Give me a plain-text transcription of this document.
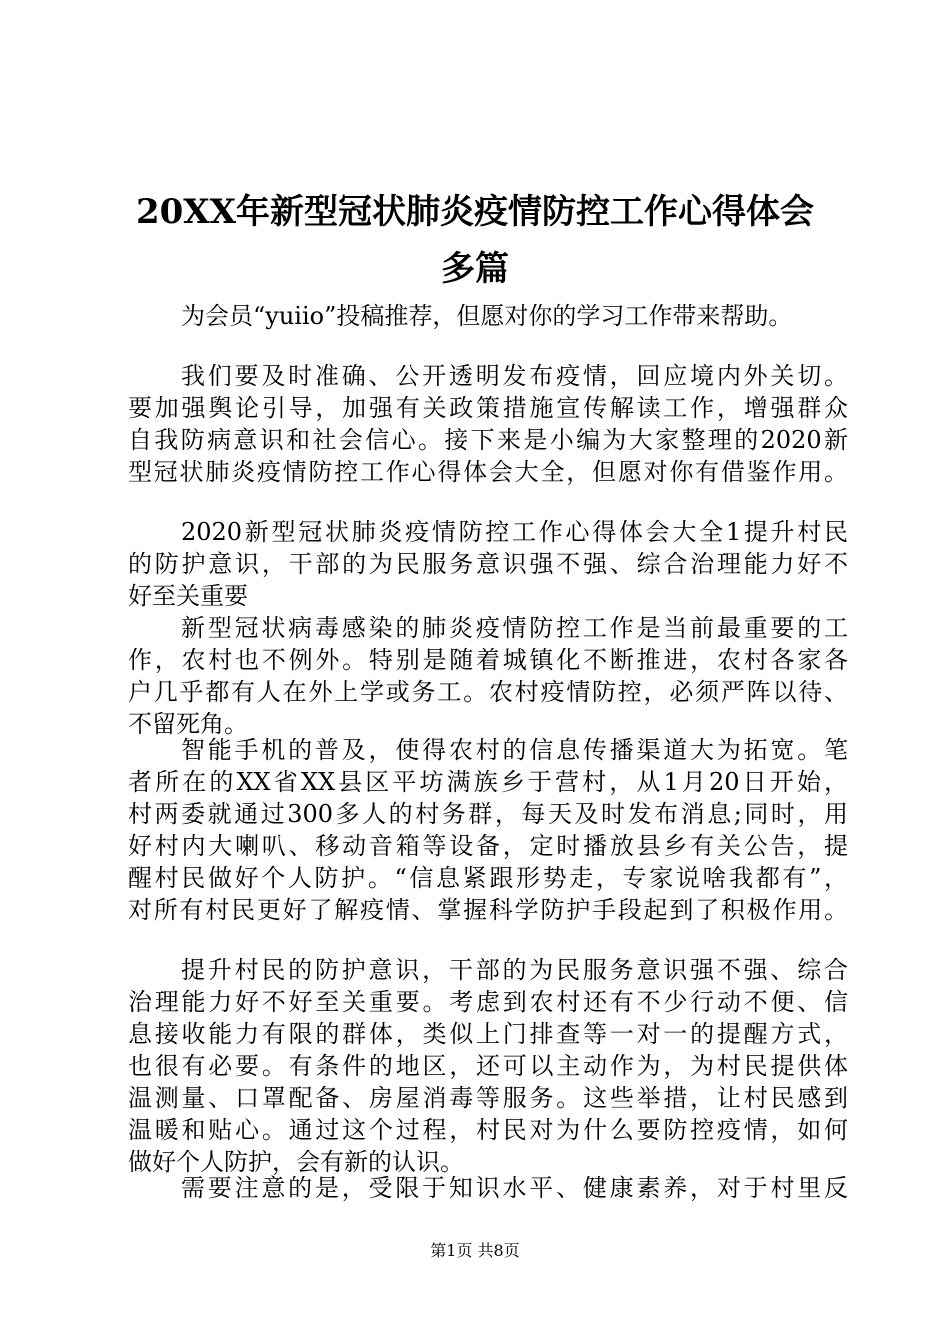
20XX年新型冠状肺炎疫情防控工作心得体会
多篇
为会员“yuiio”投稿推荐，但愿对你的学习工作带来帮助。
我们要及时准确、公开透明发布疫情，回应境内外关切。
要加强舆论引导，加强有关政策措施宣传解读工作，增强群众
自我防病意识和社会信心。接下来是小编为大家整理的2020新
型冠状肺炎疫情防控工作心得体会大全，但愿对你有借鉴作用。
2020新型冠状肺炎疫情防控工作心得体会大全1提升村民
的防护意识，干部的为民服务意识强不强、综合治理能力好不
好至关重要
新型冠状病毒感染的肺炎疫情防控工作是当前最重要的工
作，农村也不例外。特别是随着城镇化不断推进，农村各家各
户几乎都有人在外上学或务工。农村疫情防控，必须严阵以待、
不留死角。
智能手机的普及，使得农村的信息传播渠道大为拓宽。笔
者所在的XX省XX县区平坊满族乡于营村，从1月20日开始，
村两委就通过300多人的村务群，每天及时发布消息;同时，用
好村内大喇叭、移动音箱等设备，定时播放县乡有关公告，提
醒村民做好个人防护。“信息紧跟形势走，专家说啥我都有”，
对所有村民更好了解疫情、掌握科学防护手段起到了积极作用。
提升村民的防护意识，干部的为民服务意识强不强、综合
治理能力好不好至关重要。考虑到农村还有不少行动不便、信
息接收能力有限的群体，类似上门排查等一对一的提醒方式，
也很有必要。有条件的地区，还可以主动作为，为村民提供体
温测量、口罩配备、房屋消毒等服务。这些举措，让村民感到
温暖和贴心。通过这个过程，村民对为什么要防控疫情，如何
做好个人防护，会有新的认识。
需要注意的是，受限于知识水平、健康素养，对于村里反
第1页 共8页
